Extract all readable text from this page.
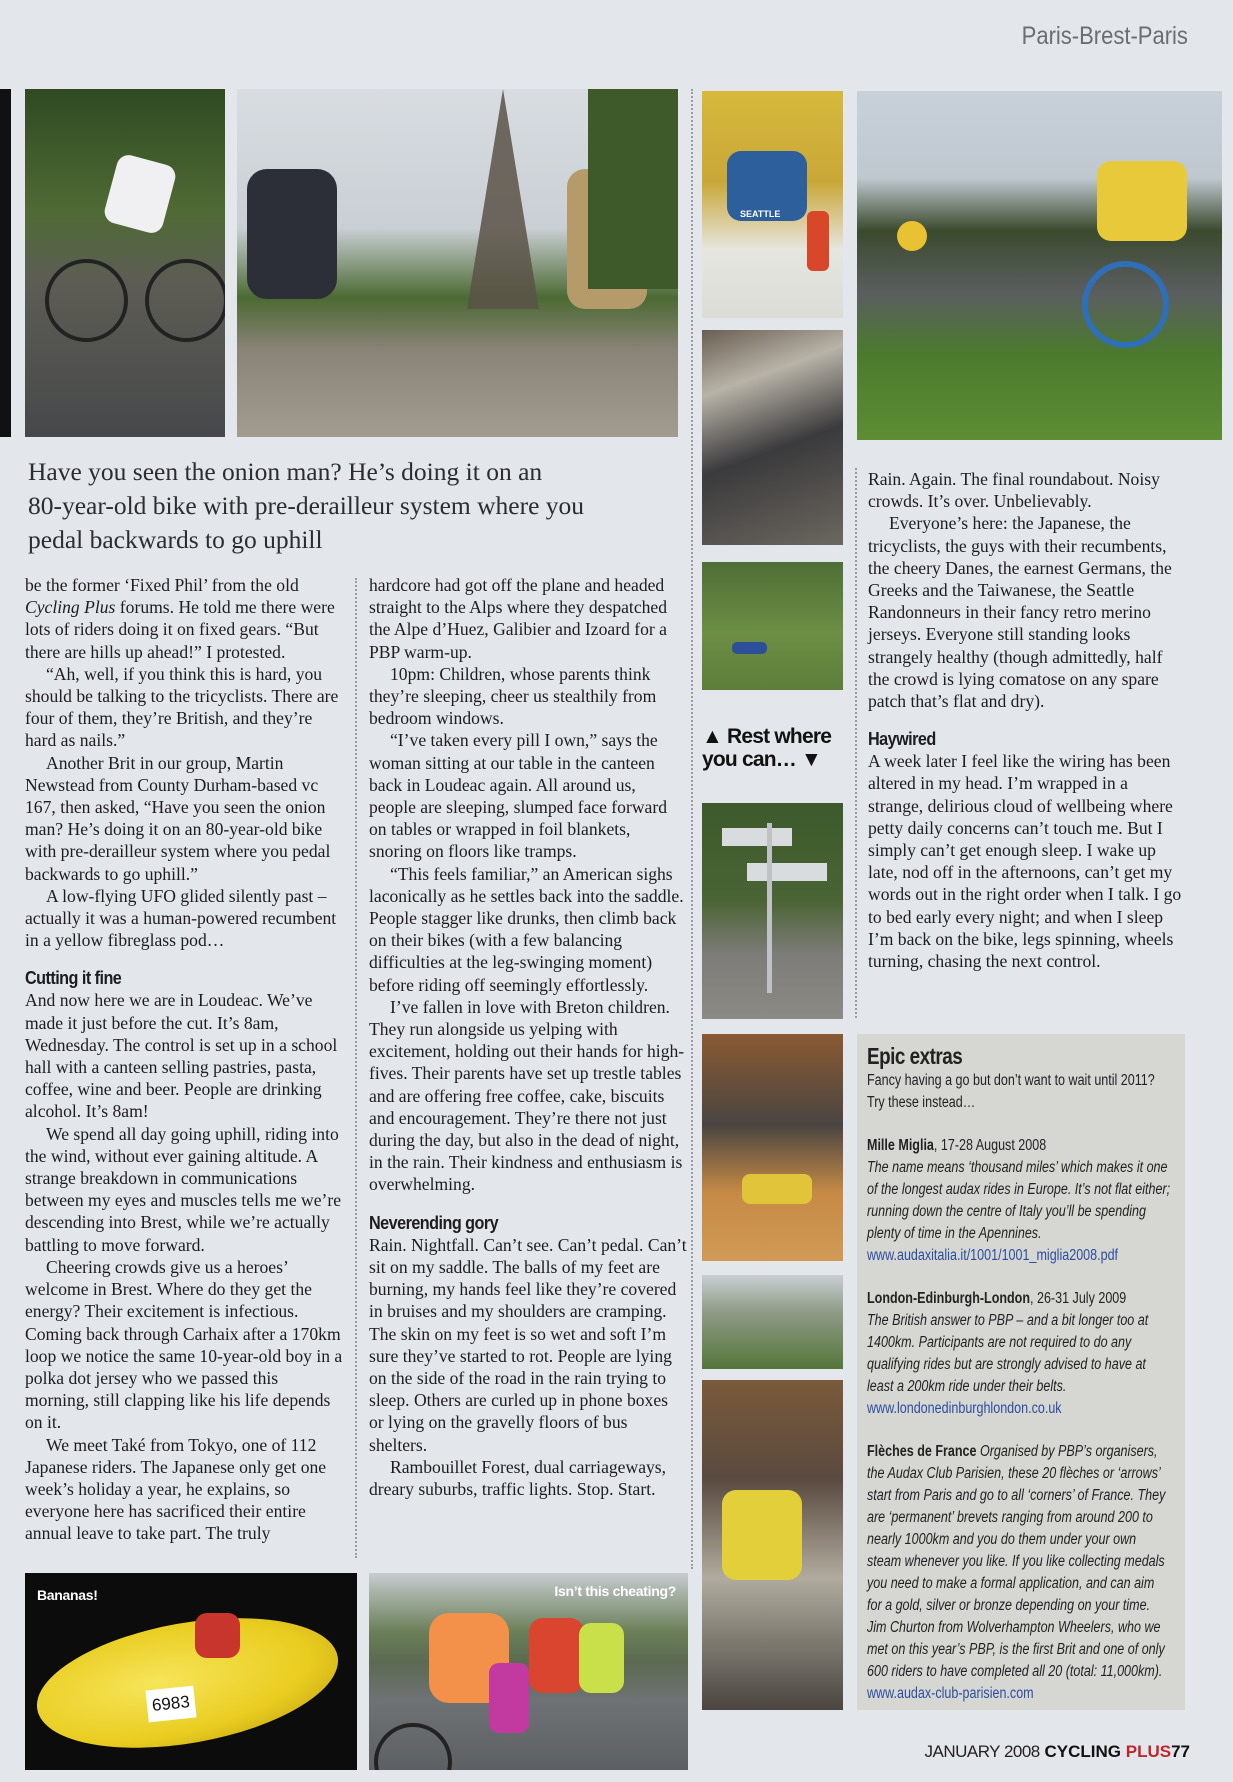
Paris-Brest-Paris
Have you seen the onion man? He’s doing it on an
80-year-old bike with pre-derailleur system where you
pedal backwards to go uphill

be the former ‘Fixed Phil’ from the old Cycling Plus forums. He told me there were lots of riders doing it on fixed gears. “But there are hills up ahead!” I protested.

“Ah, well, if you think this is hard, you should be talking to the tricyclists. There are four of them, they’re British, and they’re hard as nails.”

Another Brit in our group, Martin Newstead from County Durham-based vc 167, then asked, “Have you seen the onion man? He’s doing it on an 80-year-old bike with pre-derailleur system where you pedal backwards to go uphill.”

A low-flying UFO glided silently past – actually it was a human-powered recumbent in a yellow fibreglass pod…

Cutting it fine

And now here we are in Loudeac. We’ve made it just before the cut. It’s 8am, Wednesday. The control is set up in a school hall with a canteen selling pastries, pasta, coffee, wine and beer. People are drinking alcohol. It’s 8am!

We spend all day going uphill, riding into the wind, without ever gaining altitude. A strange breakdown in communications between my eyes and muscles tells me we’re descending into Brest, while we’re actually battling to move forward.

Cheering crowds give us a heroes’ welcome in Brest. Where do they get the energy? Their excitement is infectious. Coming back through Carhaix after a 170km loop we notice the same 10-year-old boy in a polka dot jersey who we passed this morning, still clapping like his life depends on it.

We meet Také from Tokyo, one of 112 Japanese riders. The Japanese only get one week’s holiday a year, he explains, so everyone here has sacrificed their entire annual leave to take part. The truly

hardcore had got off the plane and headed straight to the Alps where they despatched the Alpe d’Huez, Galibier and Izoard for a PBP warm-up.

10pm: Children, whose parents think they’re sleeping, cheer us stealthily from bedroom windows.

“I’ve taken every pill I own,” says the woman sitting at our table in the canteen back in Loudeac again. All around us, people are sleeping, slumped face forward on tables or wrapped in foil blankets, snoring on floors like tramps.

“This feels familiar,” an American sighs laconically as he settles back into the saddle. People stagger like drunks, then climb back on their bikes (with a few balancing difficulties at the leg-swinging moment) before riding off seemingly effortlessly.

I’ve fallen in love with Breton children. They run alongside us yelping with excitement, holding out their hands for high-fives. Their parents have set up trestle tables and are offering free coffee, cake, biscuits and encouragement. They’re there not just during the day, but also in the dead of night, in the rain. Their kindness and enthusiasm is overwhelming.

Neverending gory

Rain. Nightfall. Can’t see. Can’t pedal. Can’t sit on my saddle. The balls of my feet are burning, my hands feel like they’re covered in bruises and my shoulders are cramping. The skin on my feet is so wet and soft I’m sure they’ve started to rot. People are lying on the side of the road in the rain trying to sleep. Others are curled up in phone boxes or lying on the gravelly floors of bus shelters.

Rambouillet Forest, dual carriageways, dreary suburbs, traffic lights. Stop. Start.

SEATTLE
▲ Rest where
you can… ▼

Rain. Again. The final roundabout. Noisy crowds. It’s over. Unbelievably.

Everyone’s here: the Japanese, the tricyclists, the guys with their recumbents, the cheery Danes, the earnest Germans, the Greeks and the Taiwanese, the Seattle Randonneurs in their fancy retro merino jerseys. Everyone still standing looks strangely healthy (though admittedly, half the crowd is lying comatose on any spare patch that’s flat and dry).

Haywired

A week later I feel like the wiring has been altered in my head. I’m wrapped in a strange, delirious cloud of wellbeing where petty daily concerns can’t touch me. But I simply can’t get enough sleep. I wake up late, nod off in the afternoons, can’t get my words out in the right order when I talk. I go to bed early every night; and when I sleep I’m back on the bike, legs spinning, wheels turning, chasing the next control.

Epic extras

Fancy having a go but don’t want to wait until 2011? Try these instead…

Mille Miglia, 17-28 August 2008

The name means ‘thousand miles’ which makes it one of the longest audax rides in Europe. It’s not flat either; running down the centre of Italy you’ll be spending plenty of time in the Apennines.

www.audaxitalia.it/1001/1001_miglia2008.pdf

London-Edinburgh-London, 26-31 July 2009

The British answer to PBP – and a bit longer too at 1400km. Participants are not required to do any qualifying rides but are strongly advised to have at least a 200km ride under their belts.

www.londonedinburghlondon.co.uk

Flèches de France Organised by PBP’s organisers, the Audax Club Parisien, these 20 flèches or ‘arrows’ start from Paris and go to all ‘corners’ of France. They are ‘permanent’ brevets ranging from around 200 to nearly 1000km and you do them under your own steam whenever you like. If you like collecting medals you need to make a formal application, and can aim for a gold, silver or bronze depending on your time. Jim Churton from Wolverhampton Wheelers, who we met on this year’s PBP, is the first Brit and one of only 600 riders to have completed all 20 (total: 11,000km).

www.audax-club-parisien.com
Bananas!
6983
Isn’t this cheating?
JANUARY 2008 CYCLING PLUS77
